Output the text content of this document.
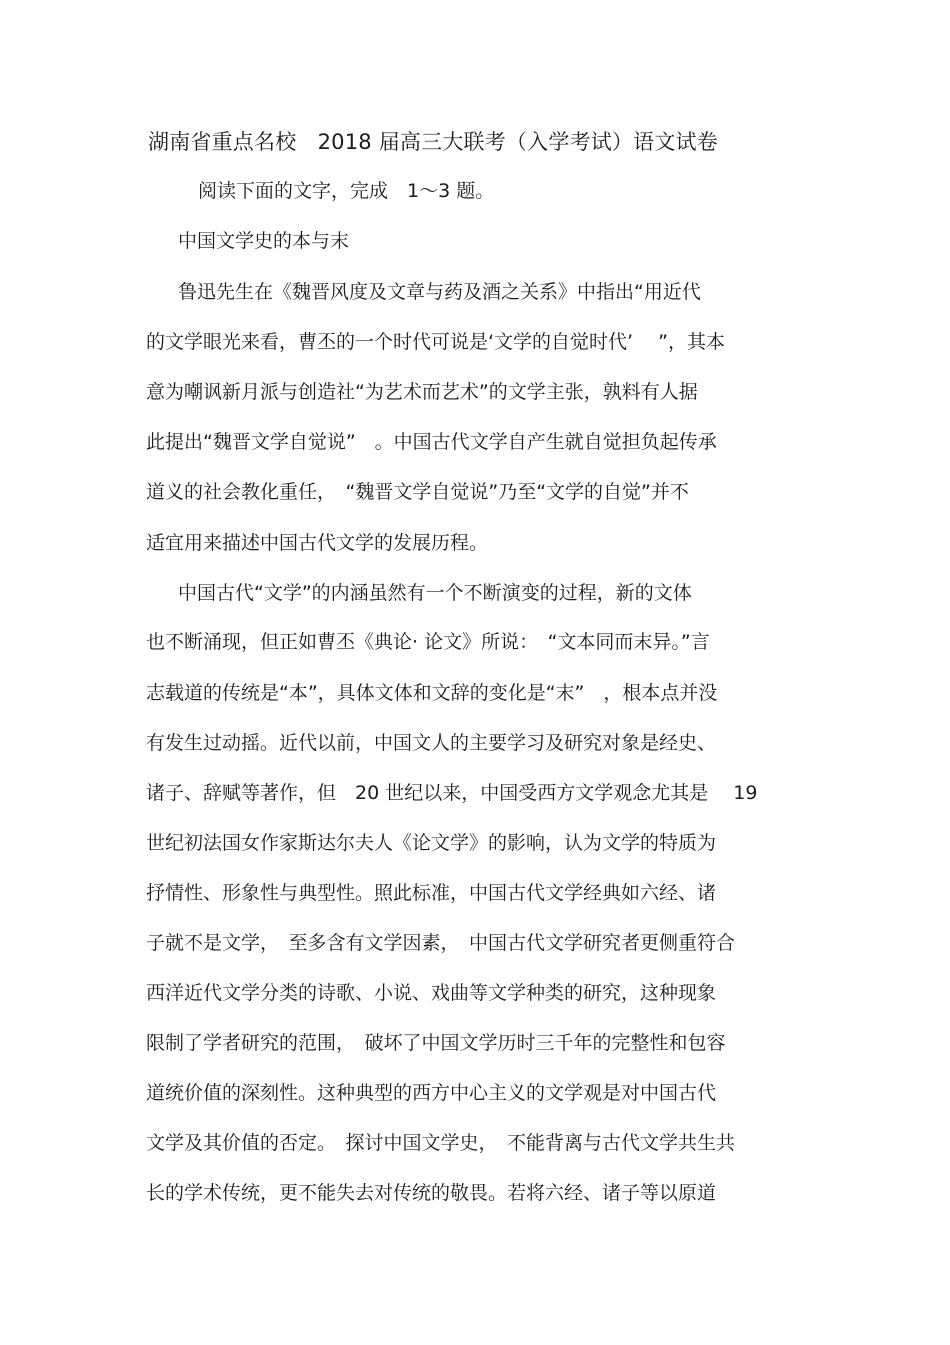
湖南省重点名校　2018 届高三大联考（入学考试）语文试卷
阅读下面的文字，完成　1～3 题。
中国文学史的本与末
鲁迅先生在《魏晋风度及文章与药及酒之关系》中指出“用近代
的文学眼光来看，曹丕的一个时代可说是‘文学的自觉时代’　 ”，其本
意为嘲讽新月派与创造社“为艺术而艺术”的文学主张，孰料有人据
此提出“魏晋文学自觉说”　。中国古代文学自产生就自觉担负起传承
道义的社会教化重任，　“魏晋文学自觉说”乃至“文学的自觉”并不
适宜用来描述中国古代文学的发展历程。
中国古代“文学”的内涵虽然有一个不断演变的过程，新的文体
也不断涌现，但正如曹丕《典论· 论文》所说：　“文本同而末异。”言
志载道的传统是“本”，具体文体和文辞的变化是“末”　，根本点并没
有发生过动摇。近代以前，中国文人的主要学习及研究对象是经史、
诸子、辞赋等著作，但　20 世纪以来，中国受西方文学观念尤其是　 19
世纪初法国女作家斯达尔夫人《论文学》的影响，认为文学的特质为
抒情性、形象性与典型性。照此标准，中国古代文学经典如六经、诸
子就不是文学，　至多含有文学因素，　中国古代文学研究者更侧重符合
西洋近代文学分类的诗歌、小说、戏曲等文学种类的研究，这种现象
限制了学者研究的范围，　破坏了中国文学历时三千年的完整性和包容
道统价值的深刻性。这种典型的西方中心主义的文学观是对中国古代
文学及其价值的否定。　探讨中国文学史，　不能背离与古代文学共生共
长的学术传统，更不能失去对传统的敬畏。若将六经、诸子等以原道
